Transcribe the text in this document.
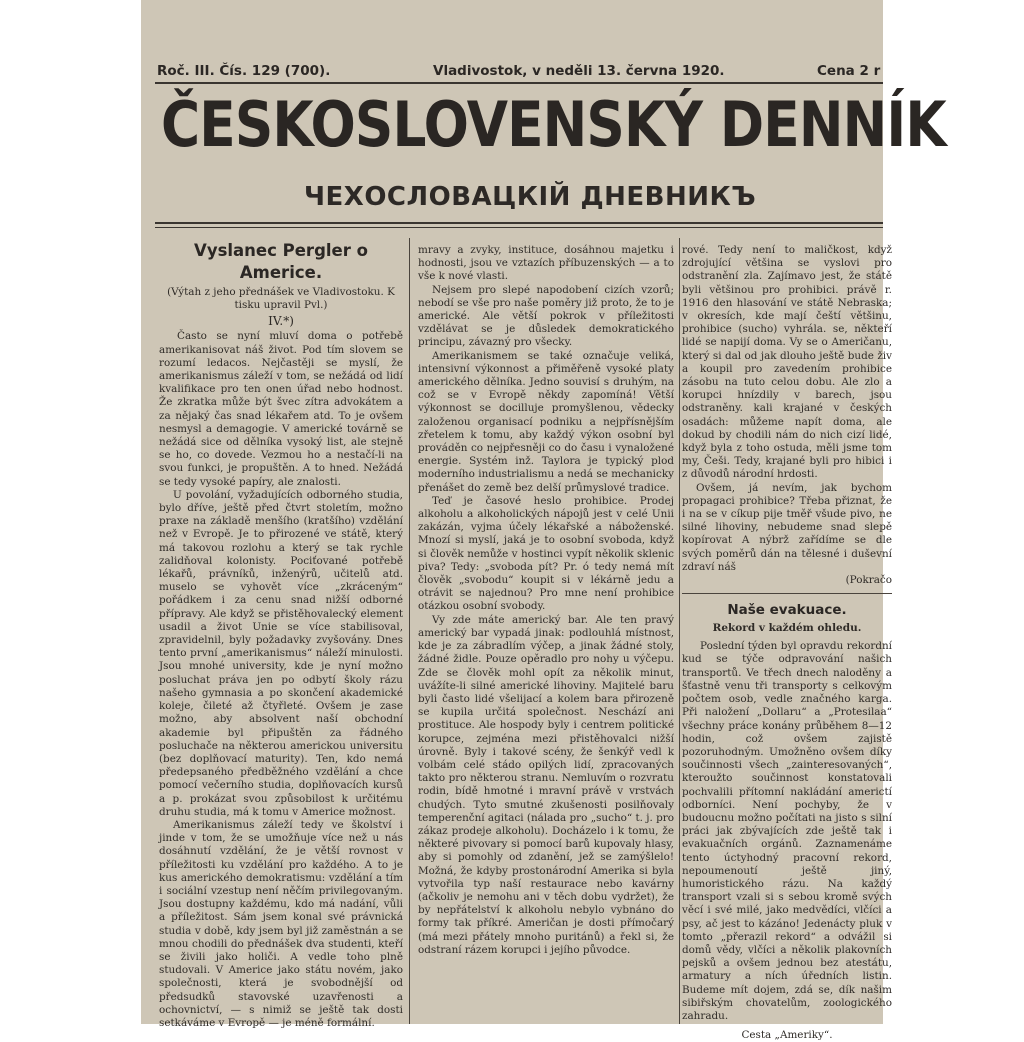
Roč. III. Čís. 129 (700).	Vladivostok, v neděli 13. června 1920.	Cena 2 r
ČESKOSLOVENSKÝ DENNÍK
ЧЕХОСЛОВАЦКIЙ ДНЕВНИКЪ
Vyslanec Pergler o Americe.
(Výtah z jeho přednášek ve Vladivostoku. K tisku upravil Pvl.)
IV.*)

Často se nyní mluví doma o potřebě amerikanisovat náš život. Pod tím slovem se rozumí ledacos. Nejčastěji se myslí, že amerikanismus záleží v tom, se nežádá od lidí kvalifikace pro ten onen úřad nebo hodnost. Že zkratka může být švec zítra advokátem a za nějaký čas snad lékařem atd. To je ovšem nesmysl a demagogie. V americké továrně se nežádá sice od dělníka vysoký list, ale stejně se ho, co dovede. Vezmou ho a nestačí-li na svou funkci, je propuštěn. A to hned. Nežádá se tedy vysoké papíry, ale znalosti.

U povolání, vyžadujících odborného studia, bylo dříve, ještě před čtvrt stoletím, možno praxe na základě menšího (kratšího) vzdělání než v Evropě. Je to přirozené ve státě, který má takovou rozlohu a který se tak rychle zalidňoval kolonisty. Pociťované potřebě lékařů, právníků, inženýrů, učitelů atd. muselo se vyhovět více „zkráceným“ pořádkem i za cenu snad nižší odborné přípravy. Ale když se přistěhovalecký element usadil a život Unie se více stabilisoval, zpravidelnil, byly požadavky zvyšovány. Dnes tento první „amerikanismus“ náleží minulosti. Jsou mnohé university, kde je nyní možno posluchat práva jen po odbytí školy rázu našeho gymnasia a po skončení akademické koleje, čileté až čtyřleté. Ovšem je zase možno, aby absolvent naší obchodní akademie byl připuštěn za řádného posluchače na některou americkou universitu (bez doplňovací maturity). Ten, kdo nemá předepsaného předběžného vzdělání a chce pomocí večerního studia, doplňovacích kursů a p. prokázat svou způsobilost k určitému druhu studia, má k tomu v Americe možnost.

Amerikanismus záleží tedy ve školství i jinde v tom, že se umožňuje více než u nás dosáhnutí vzdělání, že je větší rovnost v příležitosti ku vzdělání pro každého. A to je kus amerického demokratismu: vzdělání a tím i sociální vzestup není něčím privilegovaným. Jsou dostupny každému, kdo má nadání, vůli a příležitost. Sám jsem konal své právnická studia v době, kdy jsem byl již zaměstnán a se mnou chodili do přednášek dva studenti, kteří se živili jako holiči. A vedle toho plně studovali. V Americe jako státu novém, jako společnosti, která je svobodnější od předsudků stavovské uzavřenosti a ochovnictví, — s nimiž se ještě tak dosti setkáváme v Evropě — je méně formální.

mravy a zvyky, instituce, dosáhnou majetku i hodnosti, jsou ve vztazích příbuzenských — a to vše k nové vlasti.

Nejsem pro slepé napodobení cizích vzorů; nebodí se vše pro naše poměry již proto, že to je americké. Ale větší pokrok v příležitosti vzdělávat se je důsledek demokratického principu, závazný pro všecky.

Amerikanismem se také označuje veliká, intensivní výkonnost a přiměřeně vysoké platy amerického dělníka. Jedno souvisí s druhým, na což se v Evropě někdy zapomíná! Větší výkonnost se docilluje promyšlenou, vědecky založenou organisací podniku a nejpřísnějším zřetelem k tomu, aby každý výkon osobní byl prováděn co nejpřesněji co do času i vynaložené energie. Systém inž. Taylora je typický plod moderního industrialismu a nedá se mechanicky přenášet do země bez delší průmyslové tradice.

Teď je časové heslo prohibice. Prodej alkoholu a alkoholických nápojů jest v celé Unii zakázán, vyjma účely lékařské a náboženské. Mnozí si myslí, jaká je to osobní svoboda, když si člověk nemůže v hostinci vypít několik sklenic piva? Tedy: „svoboda pít? Pr. ó tedy nemá mít člověk „svobodu“ koupit si v lékárně jedu a otrávit se najednou? Pro mne není prohibice otázkou osobní svobody.

Vy zde máte americký bar. Ale ten pravý americký bar vypadá jinak: podlouhlá místnost, kde je za zábradlím výčep, a jinak žádné stoly, žádné židle. Pouze opěradlo pro nohy u výčepu. Zde se člověk mohl opít za několik minut, uvážíte-li silné americké lihoviny. Majitelé baru byli často lidé všelijací a kolem bara přirozeně se kupila určitá společnost. Neschází ani prostituce. Ale hospody byly i centrem politické korupce, zejména mezi přistěhovalci nižší úrovně. Byly i takové scény, že šenkýř vedl k volbám celé stádo opilých lidí, zpracovaných takto pro některou stranu. Nemluvím o rozvratu rodin, bídě hmotné i mravní právě v vrstvách chudých. Tyto smutné zkušenosti posilňovaly temperenční agitaci (nálada pro „sucho“ t. j. pro zákaz prodeje alkoholu). Docházelo i k tomu, že některé pivovary si pomocí barů kupovaly hlasy, aby si pomohly od zdanění, jež se zamýšlelo! Možná, že kdyby prostonárodní Amerika si byla vytvořila typ naší restaurace nebo kavárny (ačkoliv je nemohu ani v těch dobu vydržet), že by nepřátelství k alkoholu nebylo vybnáno do formy tak příkré. Američan je dosti přímočarý (má mezi přátely mnoho puritánů) a řekl si, že odstraní rázem korupci i jejího původce.

rové. Tedy není to maličkost, když zdrojující většina se vyslovi pro odstranění zla. Zajímavo jest, že státě byli většinou pro prohibici. právě r. 1916 den hlasování ve státě Nebraska; v okresích, kde mají čeští většinu, prohibice (sucho) vyhrála. se, někteří lidé se napijí doma. Vy se o Američanu, který si dal od jak dlouho ještě bude živ a koupil pro zavedením prohibice zásobu na tuto celou dobu. Ale zlo a korupci hnízdily v barech, jsou odstraněny. kali krajané v českých osadách: můžeme napít doma, ale dokud by chodili nám do nich cizí lidé, když byla z toho ostuda, měli jsme tom my, Češi. Tedy, krajané byli pro hibici i z důvodů národní hrdosti.

Ovšem, já nevím, jak bychom propagaci prohibice? Třeba přiznat, že i na se v cíkup pije tměř všude pivo, ne silné lihoviny, nebudeme snad slepě kopírovat A nýbrž zařídíme se dle svých poměrů dán na tělesné i duševní zdraví náš

(Pokračo
Naše evakuace.
Rekord v každém ohledu.

Poslední týden byl opravdu rekordní kud se týče odpravování našich transportů. Ve třech dnech naloděny a šťastně venu tři transporty s celkovým počtem osob, vedle značného karga. Při naložení „Dollaru“ a „Protesilaa“ všechny práce konány průběhem 8—12 hodin, což ovšem zajistě pozoruhodným. Umožněno ovšem díky součinnosti všech „zainteresovaných“, kteroužto součinnost konstatovali pochvalili přítomní nakládání americtí odborníci. Není pochyby, že v budoucnu možno počítati na jisto s silní práci jak zbývajících zde ještě tak i evakuačních orgánů. Zaznamenáme tento úctyhodný pracovní rekord, nepoumenoutí ještě jiný, humoristického rázu. Na každý transport vzali si s sebou kromě svých věcí i své milé, jako medvědíci, vlčíci a psy, ač jest to kázáno! Jedenácty pluk v tomto „přerazil rekord“ a odvážil si domů vědy, vlčíci a několik plakovních pejsků a ovšem jednou bez atestátu, armatury a ních úředních listin. Budeme mít dojem, zdá se, dík našim sibiřským chovatelům, zoologického zahradu.

Cesta „Ameriky“.
